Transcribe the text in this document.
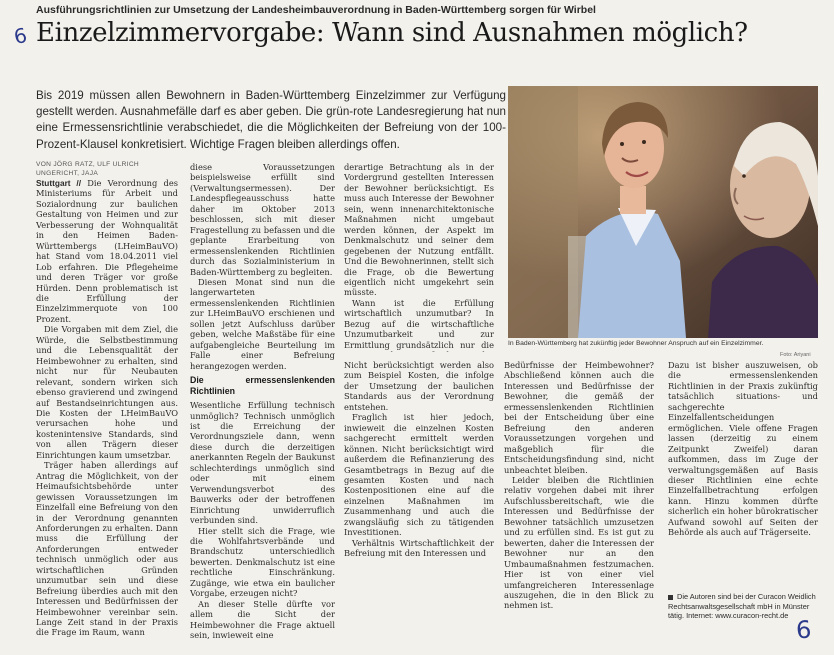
Ausführungsrichtlinien zur Umsetzung der Landesheimbauverordnung in Baden-Württemberg sorgen für Wirbel
6 Einzelzimmervorgabe: Wann sind Ausnahmen möglich?
Bis 2019 müssen allen Bewohnern in Baden-Württemberg Einzelzimmer zur Verfügung gestellt werden. Ausnahmefälle darf es aber geben. Die grün-rote Landesregierung hat nun eine Ermessensrichtlinie verabschiedet, die die Möglichkeiten der Befreiung von der 100-Prozent-Klausel konkretisiert. Wichtige Fragen bleiben allerdings offen.
In Baden-Württemberg hat zukünftig jeder Bewohner Anspruch auf ein Einzelzimmer.
Foto: Ariyani
VON JÖRG RATZ, ULF ULRICH UNGERICHT, JAJA

Stuttgart // Die Verordnung des Ministeriums für Arbeit und Sozialordnung zur baulichen Gestaltung von Heimen und zur Verbesserung der Wohnqualität in den Heimen Baden-Württembergs (LHeimBauVO) hat Stand vom 18.04.2011 viel Lob erfahren. Die Pflegeheime und deren Träger vor große Hürden. Denn problematisch ist die Erfüllung der Einzelzimmerquote von 100 Prozent.

Die Vorgaben mit dem Ziel, die Würde, die Selbstbestimmung und die Lebensqualität der Heimbewohner zu erhalten, sind nicht nur für Neubauten relevant, sondern wirken sich ebenso gravierend und zwingend auf Bestandseinrichtungen aus. Die Kosten der LHeimBauVO verursachen hohe und kostenintensive Standards, sind von allen Trägern dieser Einrichtungen kaum umsetzbar.

Träger haben allerdings auf Antrag die Möglichkeit, von der Heimaufsichtsbehörde unter gewissen Voraussetzungen im Einzelfall eine Befreiung von den in der Verordnung genannten Anforderungen zu erhalten. Dann muss die Erfüllung der Anforderungen entweder technisch unmöglich oder aus wirtschaftlichen Gründen unzumutbar sein und diese Befreiung überdies auch mit den Interessen und Bedürfnissen der Heimbewohner vereinbar sein. Lange Zeit stand in der Praxis die Frage im Raum, wann

diese Voraussetzungen beispielsweise erfüllt sind (Verwaltungsermessen). Der Landespflegeausschuss hatte daher im Oktober 2013 beschlossen, sich mit dieser Fragestellung zu befassen und die geplante Erarbeitung von ermessenslenkenden Richtlinien durch das Sozialministerium in Baden-Württemberg zu begleiten.

Diesen Monat sind nun die langerwarteten ermessenslenkenden Richtlinien zur LHeimBauVO erschienen und sollen jetzt Aufschluss darüber geben, welche Maßstäbe für eine aufgabengleiche Beurteilung im Falle einer Befreiung herangezogen werden.

Die ermessenslenkenden Richtlinien

Wesentliche Erfüllung technisch unmöglich? Technisch unmöglich ist die Erreichung der Verordnungsziele dann, wenn diese durch die derzeitigen anerkannten Regeln der Baukunst schlechterdings unmöglich sind oder mit einem Verwendungsverbot des Bauwerks oder der betroffenen Einrichtung unwiderruflich verbunden sind.

Hier stellt sich die Frage, wie die Wohlfahrtsverbände und Brandschutz unterschiedlich bewerten. Denkmalschutz ist eine rechtliche Einschränkung. Zugänge, wie etwa ein baulicher Vorgabe, erzeugen nicht?

An dieser Stelle dürfte vor allem die Sicht der Heimbewohner die Frage aktuell sein, inwieweit eine

derartige Betrachtung als in der Vordergrund gestellten Interessen der Bewohner berücksichtigt. Es muss auch Interesse der Bewohner sein, wenn innenarchitektonische Maßnahmen nicht umgebaut werden können, der Aspekt im Denkmalschutz und seiner dem gegebenen der Nutzung entfällt. Und die Bewohnerinnen, stellt sich die Frage, ob die Bewertung eigentlich nicht umgekehrt sein müsste.

Wann ist die Erfüllung wirtschaftlich unzumutbar? In Bezug auf die wirtschaftliche Unzumutbarkeit und zur Ermittlung grundsätzlich nur die

Nicht berücksichtigt werden also zum Beispiel Kosten, die infolge der Umsetzung der baulichen Standards aus der Verordnung entstehen.

Fraglich ist hier jedoch, inwieweit die einzelnen Kosten sachgerecht ermittelt werden können. Nicht berücksichtigt wird außerdem die Refinanzierung des Gesamtbetrags in Bezug auf die gesamten Kosten und nach Kostenpositionen eine auf die einzelnen Maßnahmen im Zusammenhang und auch die zwangsläufig sich zu tätigenden Investitionen.

Verhältnis Wirtschaftlichkeit der Befreiung mit den Interessen und

Bedürfnisse der Heimbewohner? Abschließend können auch die Interessen und Bedürfnisse der Bewohner, die gemäß der ermessenslenkenden Richtlinien bei der Entscheidung über eine Befreiung den anderen Voraussetzungen vorgehen und maßgeblich für die Entscheidungsfindung sind, nicht unbeachtet bleiben.

Leider bleiben die Richtlinien relativ vorgehen dabei mit ihrer Aufschlussbereitschaft, wie die Interessen und Bedürfnisse der Bewohner tatsächlich umzusetzen und zu erfüllen sind. Es ist gut zu bewerten, daher die Interessen der Bewohner nur an den Umbaumaßnahmen festzumachen. Hier ist von einer viel umfangreicheren Interessenlage auszugehen, die in den Blick zu nehmen ist.

Dazu ist bisher auszuweisen, ob die ermessenslenkenden Richtlinien in der Praxis zukünftig tatsächlich situations- und sachgerechte Einzelfallentscheidungen ermöglichen. Viele offene Fragen lassen (derzeitig zu einem Zeitpunkt Zweifel) daran aufkommen, dass im Zuge der verwaltungsgemäßen auf Basis dieser Richtlinien eine echte Einzelfallbetrachtung erfolgen kann. Hinzu kommen dürfte sicherlich ein hoher bürokratischer Aufwand sowohl auf Seiten der Behörde als auch auf Trägerseite.

Die Autoren sind bei der Curacon Weidlich Rechtsanwaltsgesellschaft mbH in Münster tätig. Internet: www.curacon-recht.de 6
